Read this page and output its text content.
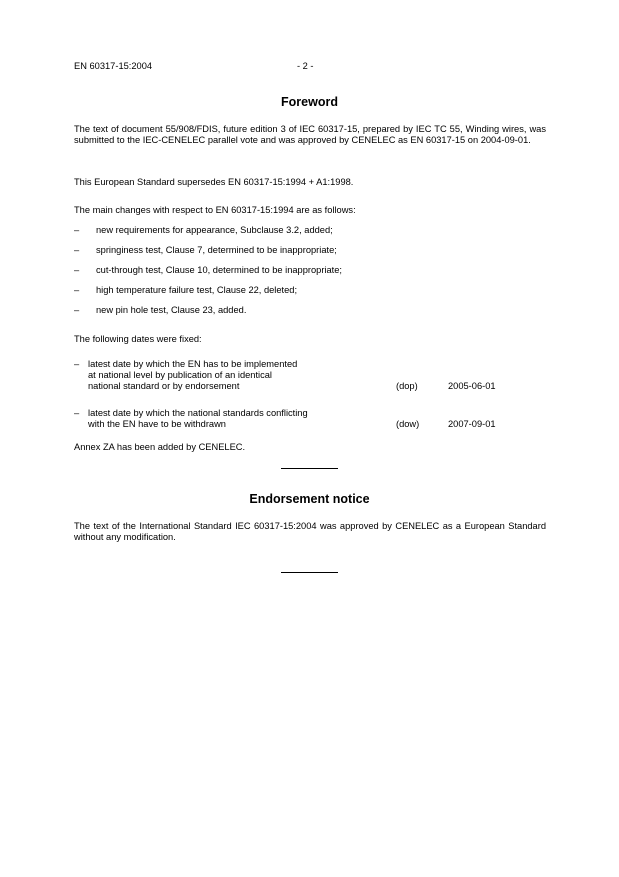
EN 60317-15:2004	- 2 -
Foreword
The text of document 55/908/FDIS, future edition 3 of IEC 60317-15, prepared by IEC TC 55, Winding wires, was submitted to the IEC-CENELEC parallel vote and was approved by CENELEC as EN 60317-15 on 2004-09-01.
This European Standard supersedes EN 60317-15:1994 + A1:1998.
The main changes with respect to EN 60317-15:1994 are as follows:
– new requirements for appearance, Subclause 3.2, added;
– springiness test, Clause 7, determined to be inappropriate;
– cut-through test, Clause 10, determined to be inappropriate;
– high temperature failure test, Clause 22, deleted;
– new pin hole test, Clause 23, added.
The following dates were fixed:
– latest date by which the EN has to be implemented
at national level by publication of an identical
national standard or by endorsement	(dop)	2005-06-01
– latest date by which the national standards conflicting
with the EN have to be withdrawn	(dow)	2007-09-01
Annex ZA has been added by CENELEC.
Endorsement notice
The text of the International Standard IEC 60317-15:2004 was approved by CENELEC as a European Standard without any modification.
